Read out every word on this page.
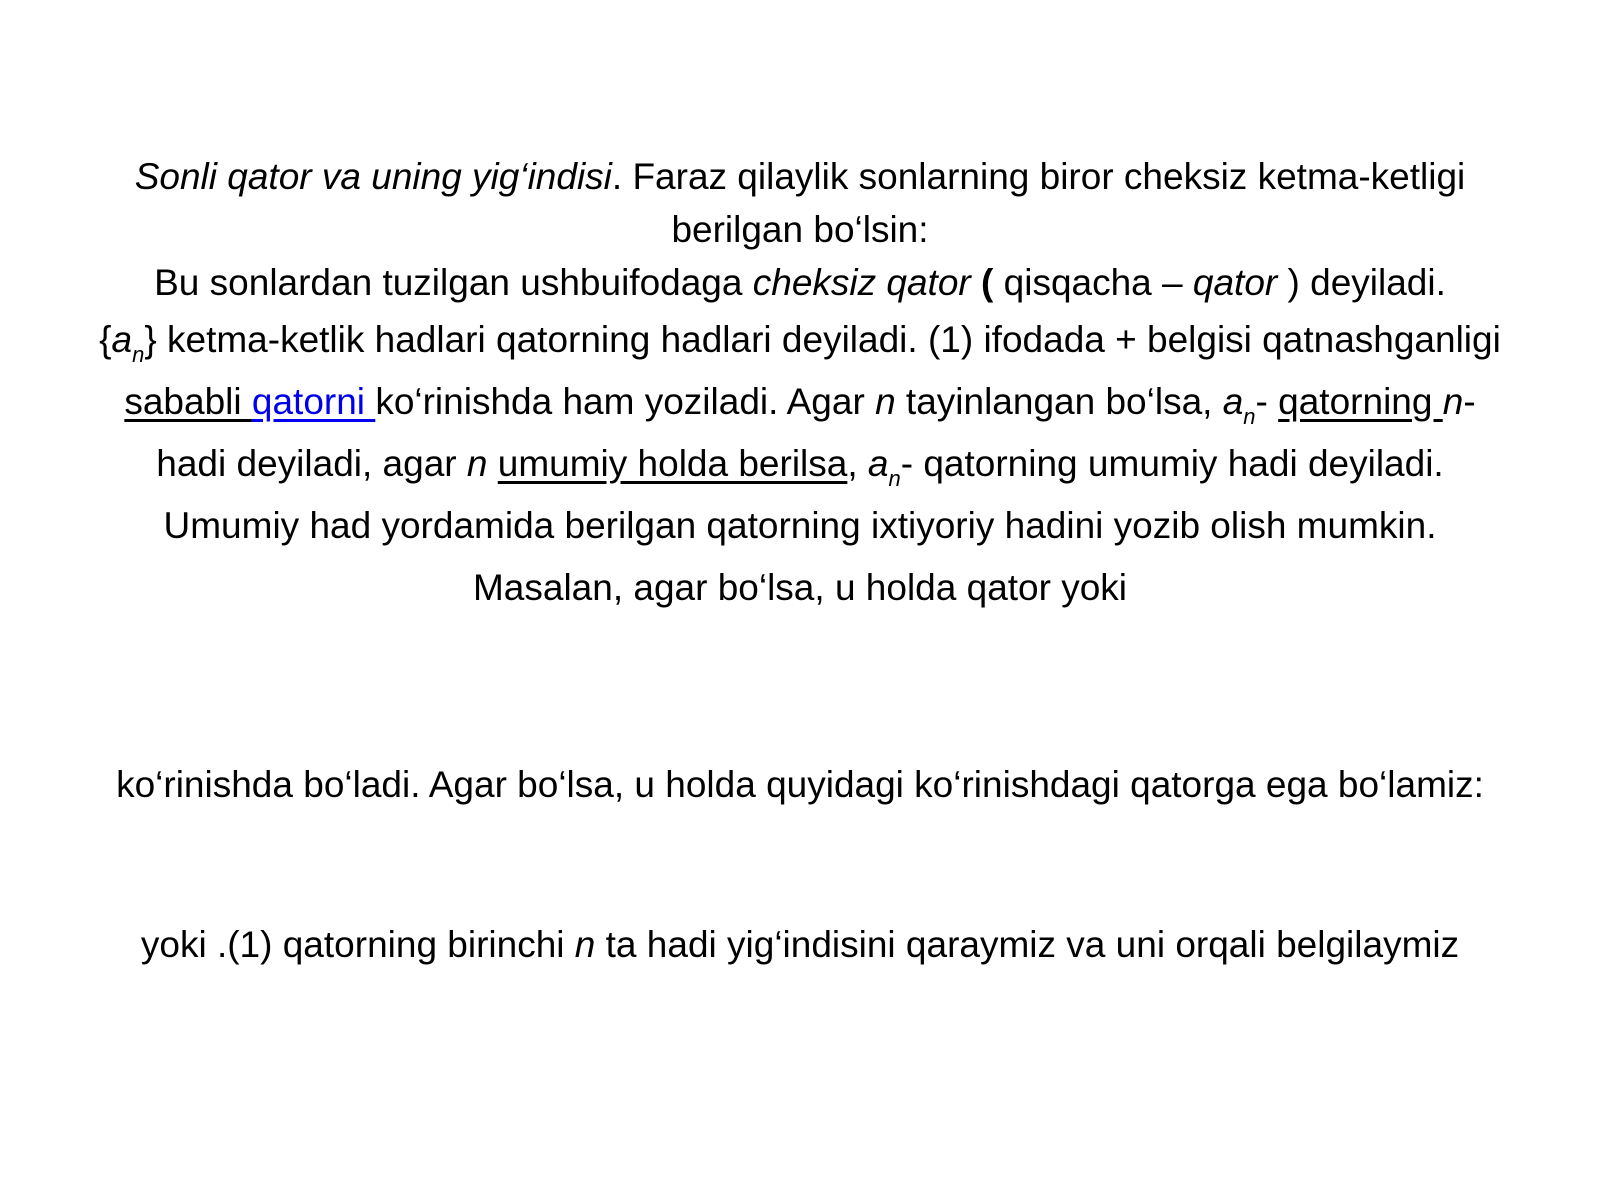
Sonli qator va uning yig‘indisi. Faraz qilaylik sonlarning biror cheksiz ketma-ketligi berilgan bo‘lsin:
Bu sonlardan tuzilgan ushbuifodaga cheksiz qator ( qisqacha – qator ) deyiladi.
$\{a_n\}$ ketma-ketlik hadlari qatorning hadlari deyiladi. (1) ifodada + belgisi qatnashganligi sababli qatorni ko‘rinishda ham yoziladi. Agar n tayinlangan bo‘lsa, $a_n-$ qatorning n-hadi deyiladi, agar n umumiy holda berilsa, $a_n-$ qatorning umumiy hadi deyiladi. Umumiy had yordamida berilgan qatorning ixtiyoriy hadini yozib olish mumkin. Masalan, agar bo‘lsa, u holda qator yoki
ko‘rinishda bo‘ladi. Agar bo‘lsa, u holda quyidagi ko‘rinishdagi qatorga ega bo‘lamiz:
yoki .(1) qatorning birinchi n ta hadi yig‘indisini qaraymiz va uni orqali belgilaymiz
